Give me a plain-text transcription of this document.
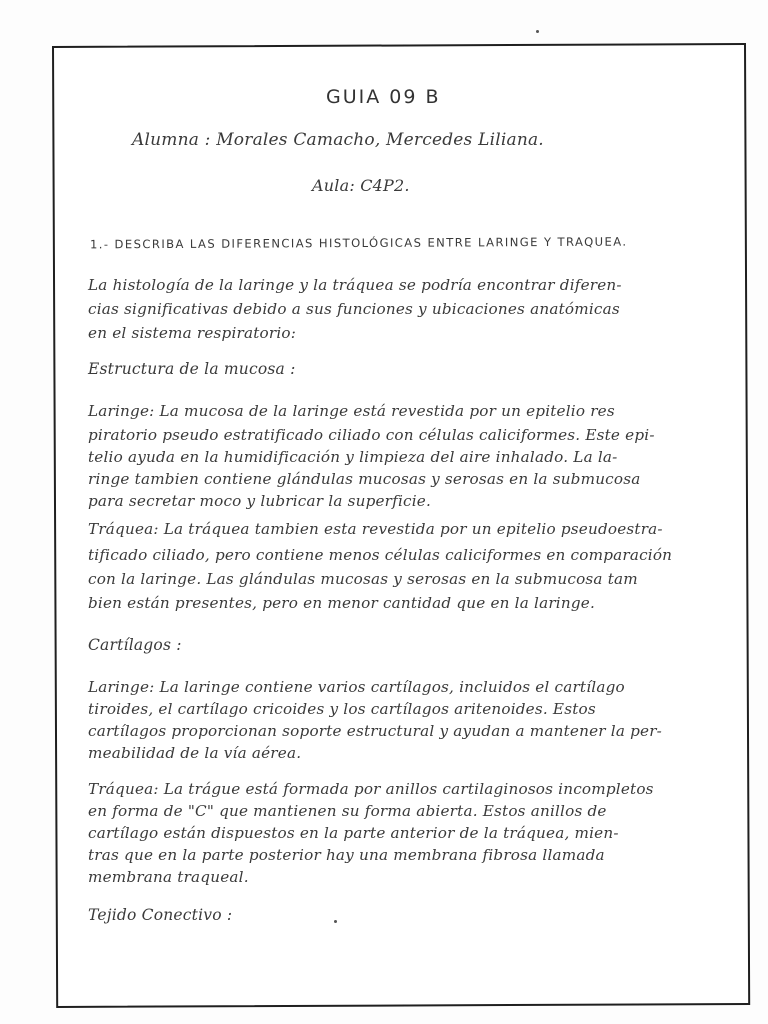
GUIA 09 B
Alumna : Morales Camacho, Mercedes Liliana.
Aula: C4P2.
1.- DESCRIBA LAS DIFERENCIAS HISTOLÓGICAS ENTRE LARINGE Y TRAQUEA.
La histología de la laringe y la tráquea se podría encontrar diferen-
cias significativas debido a sus funciones y ubicaciones anatómicas
en el sistema respiratorio:
Estructura de la mucosa :
Laringe: La mucosa de la laringe está revestida por un epitelio res
piratorio pseudo estratificado ciliado con células caliciformes. Este epi-
telio ayuda en la humidificación y limpieza del aire inhalado. La la-
ringe tambien contiene glándulas mucosas y serosas en la submucosa
para secretar moco y lubricar la superficie.
Tráquea: La tráquea tambien esta revestida por un epitelio pseudoestra-
tificado ciliado, pero contiene menos células caliciformes en comparación
con la laringe. Las glándulas mucosas y serosas en la submucosa tam
bien están presentes, pero en menor cantidad que en la laringe.
Cartílagos :
Laringe: La laringe contiene varios cartílagos, incluidos el cartílago
tiroides, el cartílago cricoides y los cartílagos aritenoides. Estos
cartílagos proporcionan soporte estructural y ayudan a mantener la per-
meabilidad de la vía aérea.
Tráquea: La trágue está formada por anillos cartilaginosos incompletos
en forma de "C" que mantienen su forma abierta. Estos anillos de
cartílago están dispuestos en la parte anterior de la tráquea, mien-
tras que en la parte posterior hay una membrana fibrosa llamada
membrana traqueal.
Tejido Conectivo :
